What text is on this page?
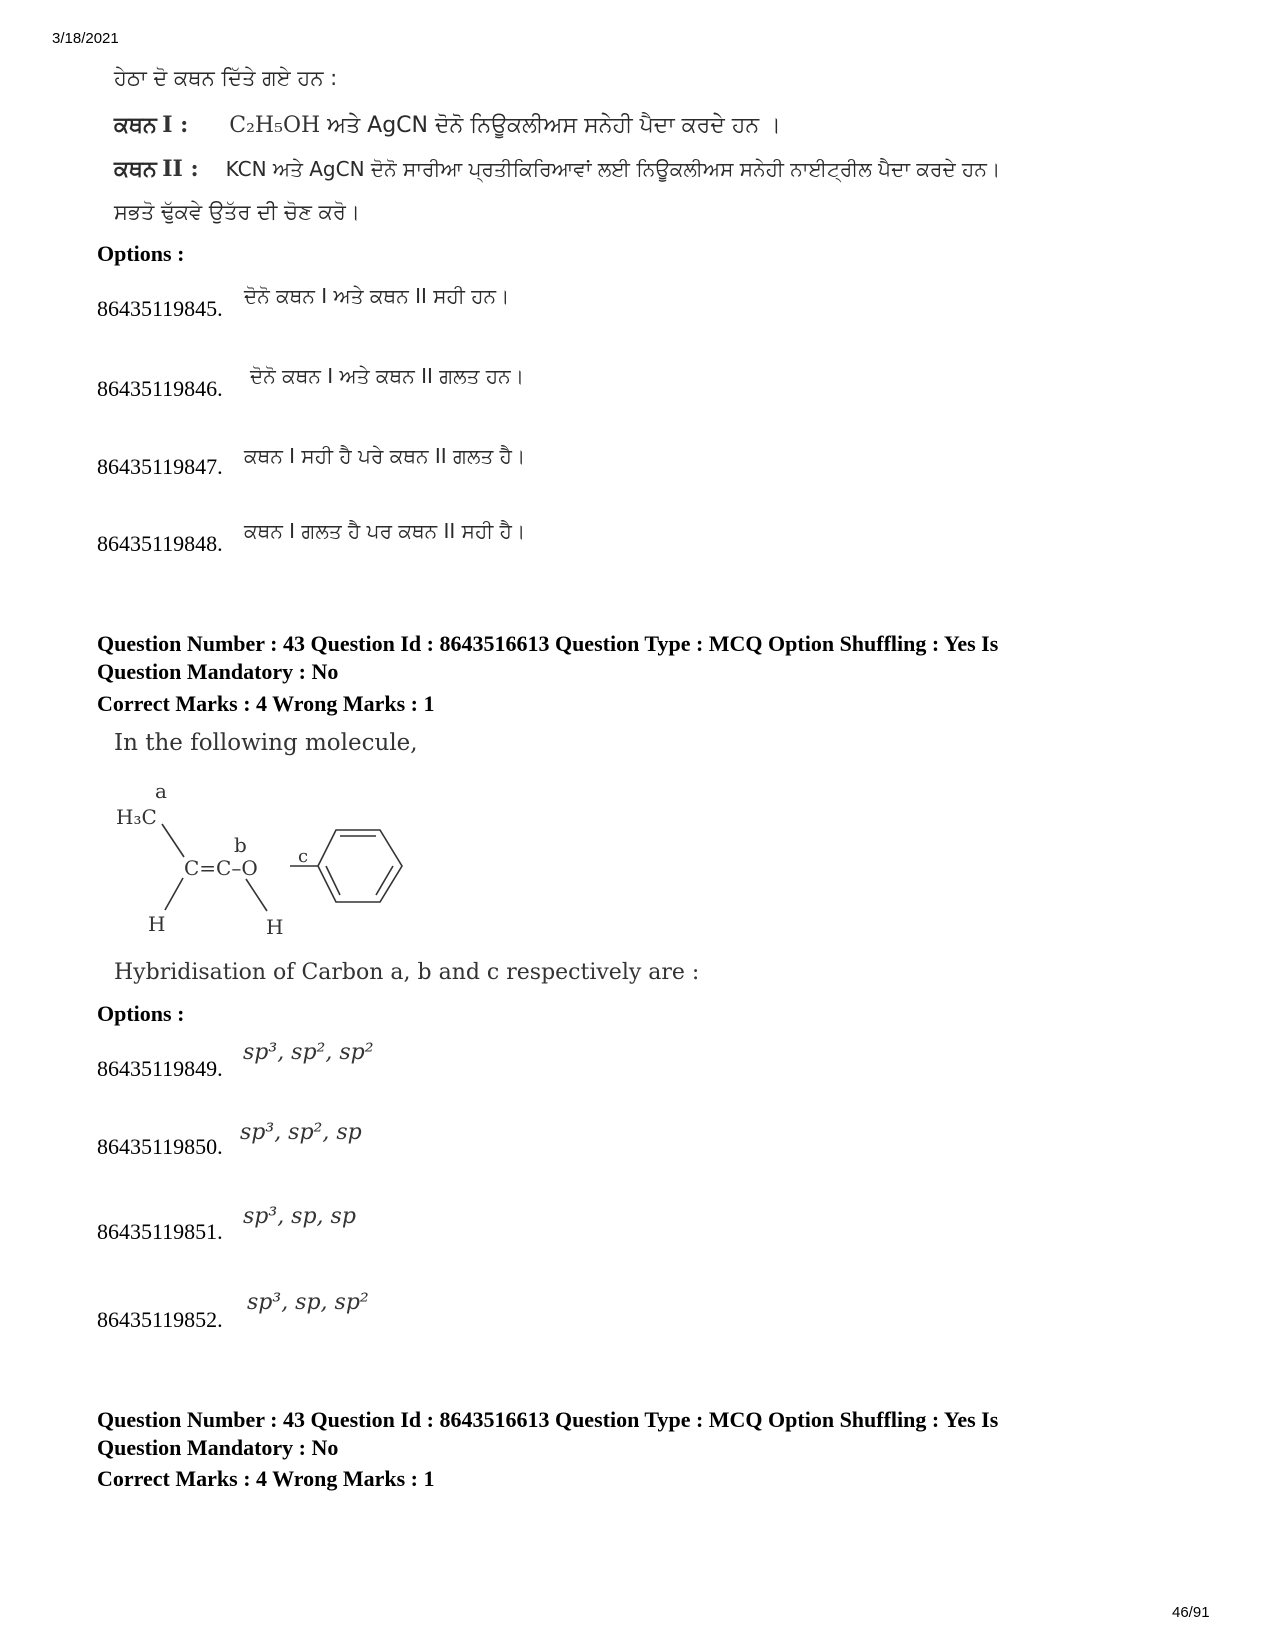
3/18/2021
ਹੇਠਾ ਦੋ ਕਥਨ ਦਿੱਤੇ ਗਏ ਹਨ :
ਕਥਨ I : C₂H₅OH ਅਤੇ AgCN ਦੋਨੋ ਨਿਊਕਲੀਅਸ ਸਨੇਹੀ ਪੈਦਾ ਕਰਦੇ ਹਨ ।
ਕਥਨ II : KCN ਅਤੇ AgCN ਦੋਨੋ ਸਾਰੀਆ ਪ੍ਰਤੀਕਿਰਿਆਵਾਂ ਲਈ ਨਿਊਕਲੀਅਸ ਸਨੇਹੀ ਨਾਈਟ੍ਰੀਲ ਪੈਦਾ ਕਰਦੇ ਹਨ।
ਸਭਤੋ ਢੁੱਕਵੇ ਉਤੱਰ ਦੀ ਚੋਣ ਕਰੋ।
Options :
86435119845. ਦੋਨੋ ਕਥਨ I ਅਤੇ ਕਥਨ II ਸਹੀ ਹਨ।
86435119846. ਦੋਨੋ ਕਥਨ I ਅਤੇ ਕਥਨ II ਗਲਤ ਹਨ।
86435119847. ਕਥਨ I ਸਹੀ ਹੈ ਪਰੇ ਕਥਨ II ਗਲਤ ਹੈ।
86435119848. ਕਥਨ I ਗਲਤ ਹੈ ਪਰ ਕਥਨ II ਸਹੀ ਹੈ।
Question Number : 43 Question Id : 8643516613 Question Type : MCQ Option Shuffling : Yes Is
Question Mandatory : No
Correct Marks : 4 Wrong Marks : 1
In the following molecule,
a
H₃C
b
C=C–O c
H	H
Hybridisation of Carbon a, b and c respectively are :
Options :
86435119849.
sp³, sp², sp²
86435119850.
sp³, sp², sp
86435119851.
sp³, sp, sp
86435119852.
sp³, sp, sp²
Question Number : 43 Question Id : 8643516613 Question Type : MCQ Option Shuffling : Yes Is
Question Mandatory : No
Correct Marks : 4 Wrong Marks : 1
46/91
